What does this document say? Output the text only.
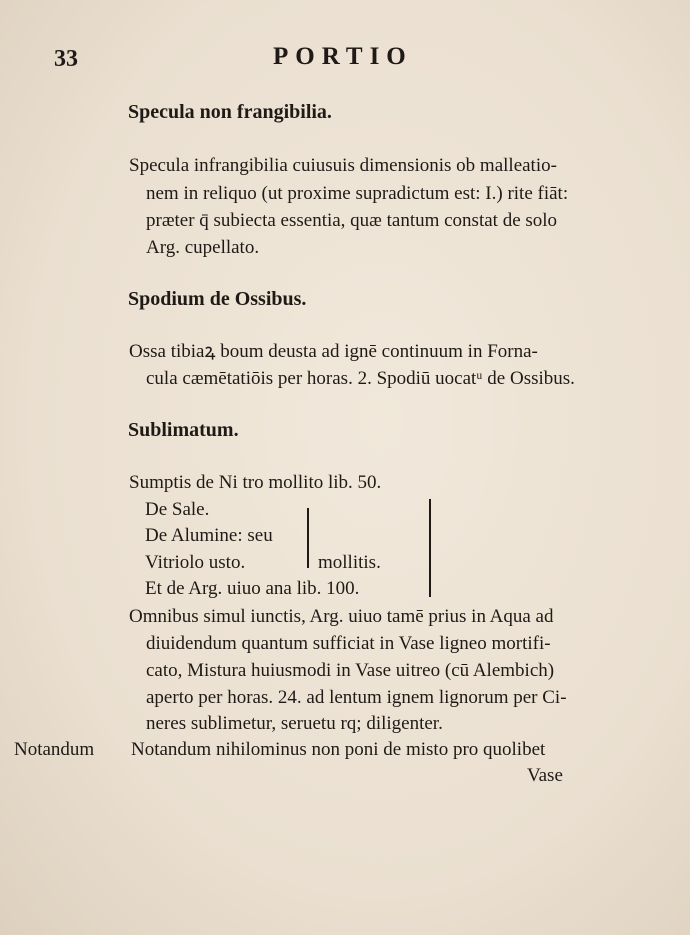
33	PORTIO
Specula non frangibilia.
Specula infrangibilia cuiusuis dimensionis ob malleatio-
nem in reliquo (ut proxime supradictum est: I.) rite fiāt:
præter q̄ subiecta essentia, quæ tantum constat de solo
Arg. cupellato.
Spodium de Ossibus.
Ossa tibiaꝝ boum deusta ad ignē continuum in Forna-
cula cæmētatiōis per horas. 2. Spodiū uocatᵘ de Ossibus.
Sublimatum.
Sumptis de Ni tro mollito lib. 50.
De Sale.
De Alumine: seu
Vitriolo usto.
Et de Arg. uiuo ana lib. 100.
mollitis.
Omnibus simul iunctis, Arg. uiuo tamē prius in Aqua ad
diuidendum quantum sufficiat in Vase ligneo mortifi-
cato, Mistura huiusmodi in Vase uitreo (cū Alembich)
aperto per horas. 24. ad lentum ignem lignorum per Ci-
neres sublimetur, seruetu rq; diligenter.
Notandum Notandum nihilominus non poni de misto pro quolibet
Vase
